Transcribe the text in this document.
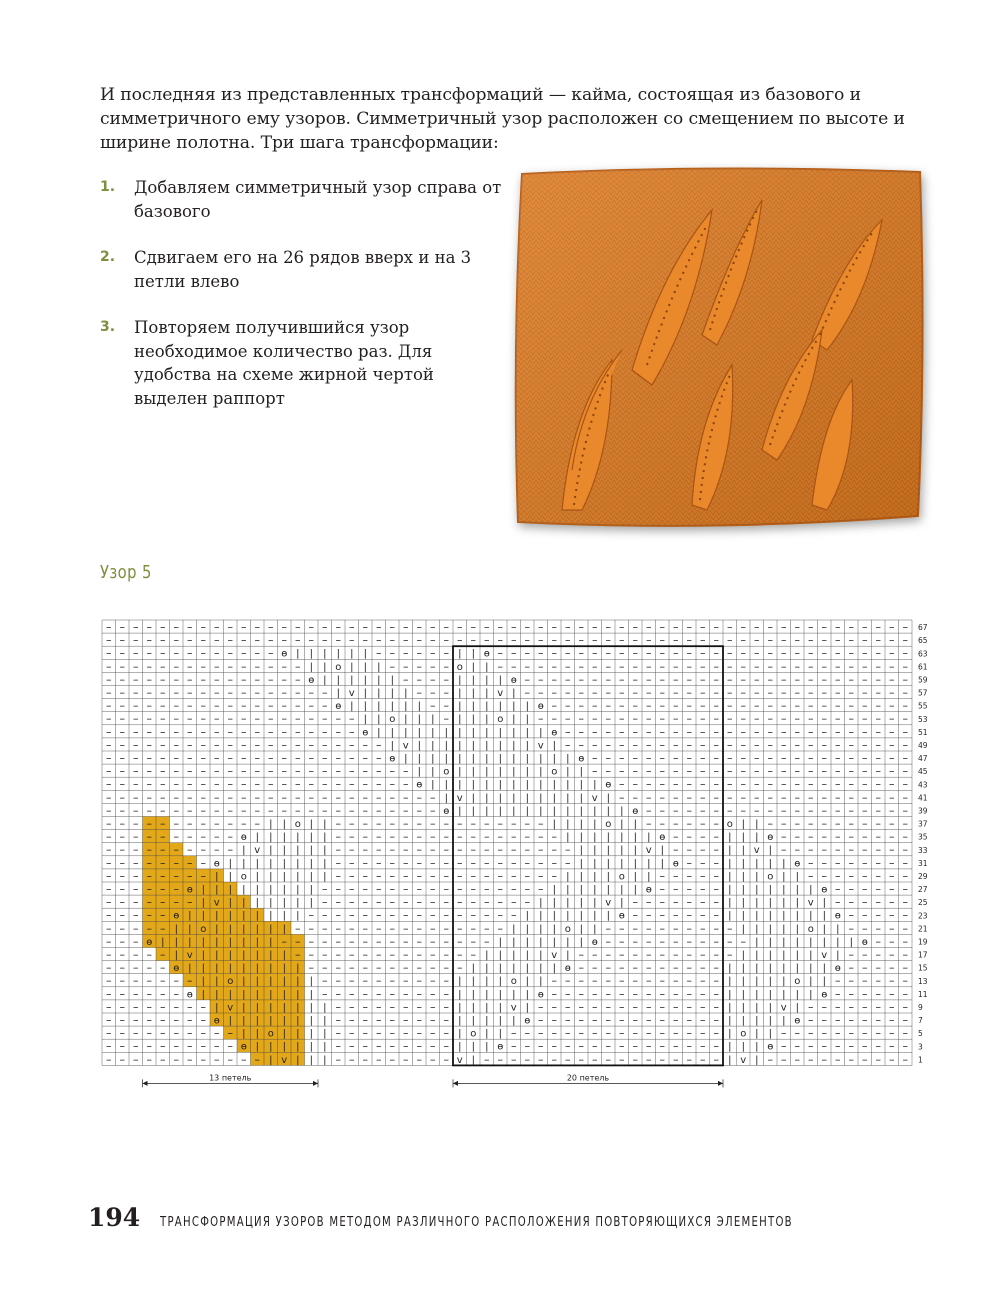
И последняя из представленных трансформаций — кайма, состоящая из базового и симметричного ему узоров. Симметричный узор расположен со смещением по высоте и ширине полотна. Три шага трансформации:

1. Добавляем симметричный узор справа от базового
2. Сдвигаем его на 26 рядов вверх и на 3 петли влево
3. Повторяем получившийся узор необходимое количество раз. Для удобства на схеме жирной чертой выделен раппорт
Узор 5
– – – – – – – – – – – – | v | | | – – – – – – – – – v | – – – – – – – – – – – – – – – – – – | v | – – – – – – – – – – –
– – – – – – – – – – ө | | | | | | – – – – – – – – – | | | ө – – – – – – – – – – – – – – – – | | | ө – – – – – – – – – –
– – – – – – – – – – | | o | | | | – – – – – – – – – | o | | – – – – – – – – – – – – – – – – | o | | – – – – – – – – – –
– – – – – – – – ө | | | | | | | | – – – – – – – – – | | | | | ө – – – – – – – – – – – – – – | | | | | ө – – – – – – – –
– – – – – – – – | v | | | | | | | – – – – – – – – – | | | | v | – – – – – – – – – – – – – – | | | | v | – – – – – – – –
– – – – – – ө | | | | | | | | | – – – – – – – – – – | | | | | | ө – – – – – – – – – – – – – | | | | | | | ө – – – – – –
– – – – – – – | | o | | | | | | – – – – – – – – – – | | | | o | | – – – – – – – – – – – – – | | | | | o | | – – – – – –
– – – – – ө | | | | | | | | | – – – – – – – – – – – – | | | | | | | ө – – – – – – – – – – – | | | | | | | | ө – – – – –
– – – – – | v | | | | | | | – – – – – – – – – – – – – – | | | | | v | – – – – – – – – – – – – | | | | | | v | – – – – –
– – – ө | | | | | | | | | – – – – – – – – – – – – – – – – | | | | | | | ө – – – – – – – – – – – | | | | | | | | ө – – –
– – – – – | | o | | | | | | – – – – – – – – – – – – – – – – | | | | o | | – – – – – – – – – – | | | | | o | | – – – – –
– – – – – ө | | | | | | | | | – – – – – – – – – – – – – – – – | | | | | | | ө – – – – – – – | | | | | | | | ө – – – – –
– – – – – – – | v | | | | | | | – – – – – – – – – – – – – – – – | | | | | v | – – – – – – – | | | | | | v | – – – – – –
– – – – – – ө | | | | | | | | | – – – – – – – – – – – – – – – – – | | | | | | | ө – – – – – | | | | | | | ө – – – – – –
– – – – – – – – | | o | | | | | | – – – – – – – – – – – – – – – – – | | | | o | | – – – – – | | | o | | – – – – – – – –
– – – – – – – – ө | | | | | | | | – – – – – – – – – – – – – – – – – – | | | | | | | ө – – – | | | | | ө – – – – – – – –
– – – – – – – – – – | v | | | | | – – – – – – – – – – – – – – – – – – | | | | | v | – – – – | | v | – – – – – – – – – –
– – – – – – – – – – ө | | | | | | – – – – – – – – – – – – – – – – – | | | | | | | ө – – – – | | | ө – – – – – – – – – –
– – – – – – – – – – – – | | o | | – – – – – – – – – – – – – – – – | | | | o | | – – – – – – o | | – – – – – – – – – – –
– – – – – – – – – – – – – – – – – – – – – – – – – ө | | | | | | | | | | | | | ө – – – – – – – – – – – – – – – – – – – –
– – – – – – – – – – – – – – – – – – – – – – – – – | v | | | | | | | | | v | – – – – – – – – – – – – – – – – – – – – – –
– – – – – – – – – – – – – – – – – – – – – – – ө | | | | | | | | | | | | | ө – – – – – – – – – – – – – – – – – – – – – –
– – – – – – – – – – – – – – – – – – – – – – – | | o | | | | | | | o | | – – – – – – – – – – – – – – – – – – – – – – – –
– – – – – – – – – – – – – – – – – – – – – ө | | | | | | | | | | | | | ө – – – – – – – – – – – – – – – – – – – – – – – –
– – – – – – – – – – – – – – – – – – – – – | v | | | | | | | | | v | – – – – – – – – – – – – – – – – – – – – – – – – – –
– – – – – – – – – – – – – – – – – – – ө | | | | | | | | | | | | | ө – – – – – – – – – – – – – – – – – – – – – – – – – –
– – – – – – – – – – – – – – – – – – – | | o | | | – | | | o | | – – – – – – – – – – – – – – – – – – – – – – – – – – – –
– – – – – – – – – – – – – – – – – ө | | | | | | – – | | | | | | ө – – – – – – – – – – – – – – – – – – – – – – – – – – –
– – – – – – – – – – – – – – – – – | v | | | | – – – | | | v | – – – – – – – – – – – – – – – – – – – – – – – – – – – – –
– – – – – – – – – – – – – – – ө | | | | | | – – – – | | | | ө – – – – – – – – – – – – – – – – – – – – – – – – – – – – –
– – – – – – – – – – – – – – – | | o | | | – – – – – o | | – – – – – – – – – – – – – – – – – – – – – – – – – – – – – – –
– – – – – – – – – – – – – ө | | | | | | – – – – – – | | ө – – – – – – – – – – – – – – – – – – – – – – – – – – – – – – –
– – – – – – – – – – – – – – – – – – – – – – – – – – – – – – – – – – – – – – – – – – – – – – – – – – – – – – – – – – – –
– – – – – – – – – – – – – – – – – – – – – – – – – – – – – – – – – – – – – – – – – – – – – – – – – – – – – – – – – – – – 67
65
63
61
59
57
55
53
51
49
47
45
43
41
39
37
35
33
31
29
27
25
23
21
19
17
15
13
11
9
7
5
3
1
13 петель	20 петель
194 ТРАНСФОРМАЦИЯ УЗОРОВ МЕТОДОМ РАЗЛИЧНОГО РАСПОЛОЖЕНИЯ ПОВТОРЯЮЩИХСЯ ЭЛЕМЕНТОВ
